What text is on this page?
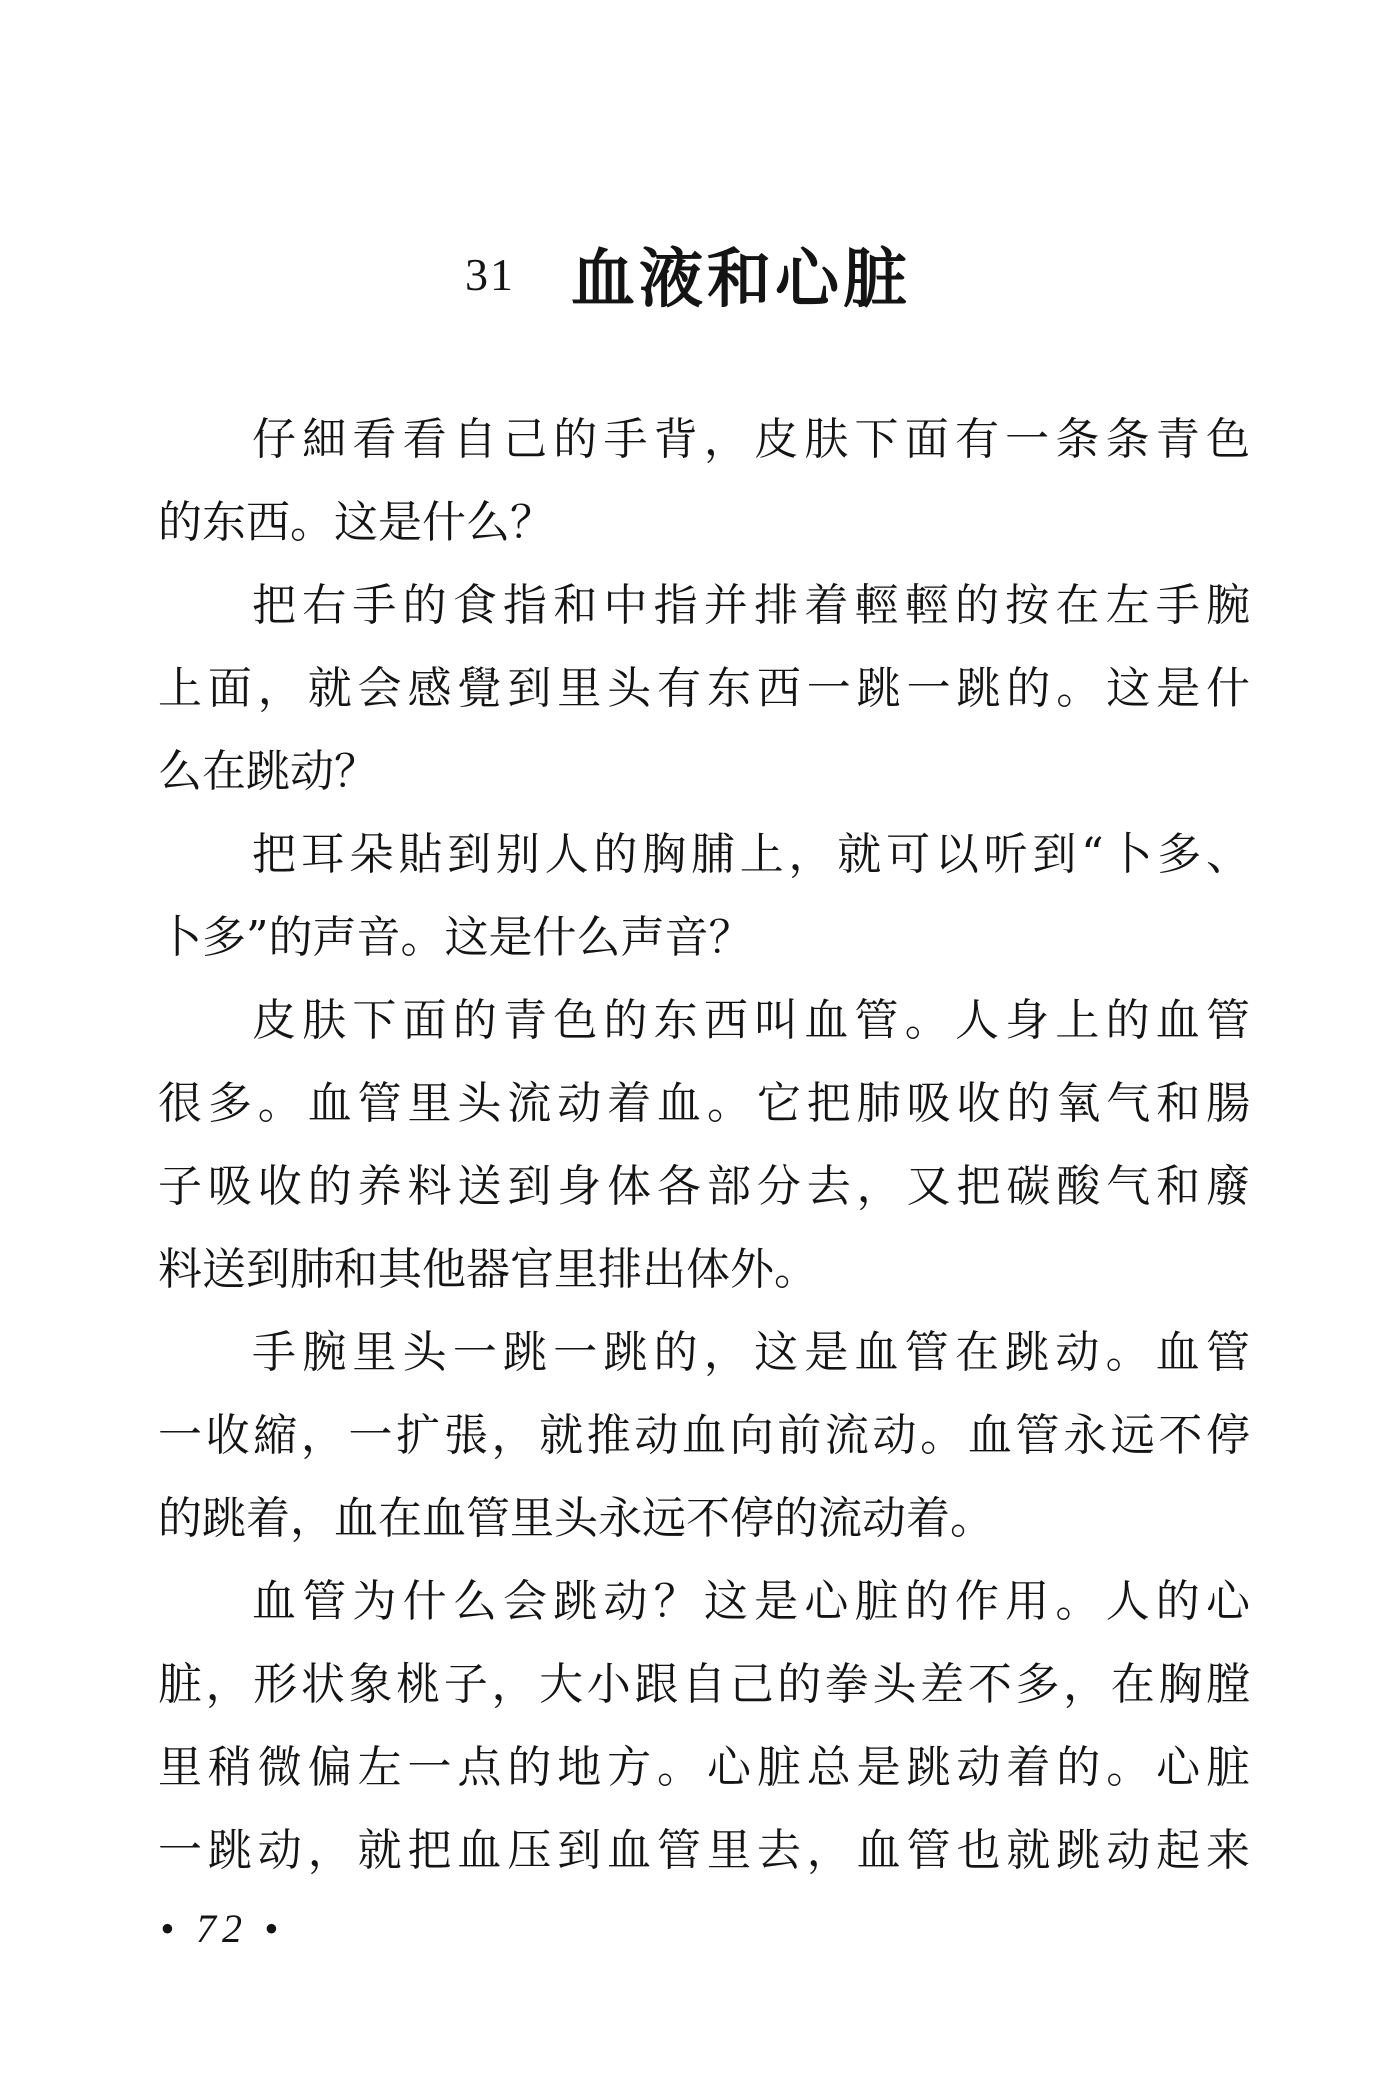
31 血液和心脏

仔細看看自己的手背，皮肤下面有一条条青色
的东西。这是什么？

把右手的食指和中指并排着輕輕的按在左手腕
上面，就会感覺到里头有东西一跳一跳的。这是什
么在跳动？

把耳朵貼到别人的胸脯上，就可以听到“卜多、
卜多”的声音。这是什么声音？

皮肤下面的青色的东西叫血管。人身上的血管
很多。血管里头流动着血。它把肺吸收的氧气和腸
子吸收的养料送到身体各部分去，又把碳酸气和廢
料送到肺和其他器官里排出体外。

手腕里头一跳一跳的，这是血管在跳动。血管
一收縮，一扩張，就推动血向前流动。血管永远不停
的跳着，血在血管里头永远不停的流动着。

血管为什么会跳动？这是心脏的作用。人的心
脏，形状象桃子，大小跟自己的拳头差不多，在胸膛
里稍微偏左一点的地方。心脏总是跳动着的。心脏
一跳动，就把血压到血管里去，血管也就跳动起来

• 72 •
